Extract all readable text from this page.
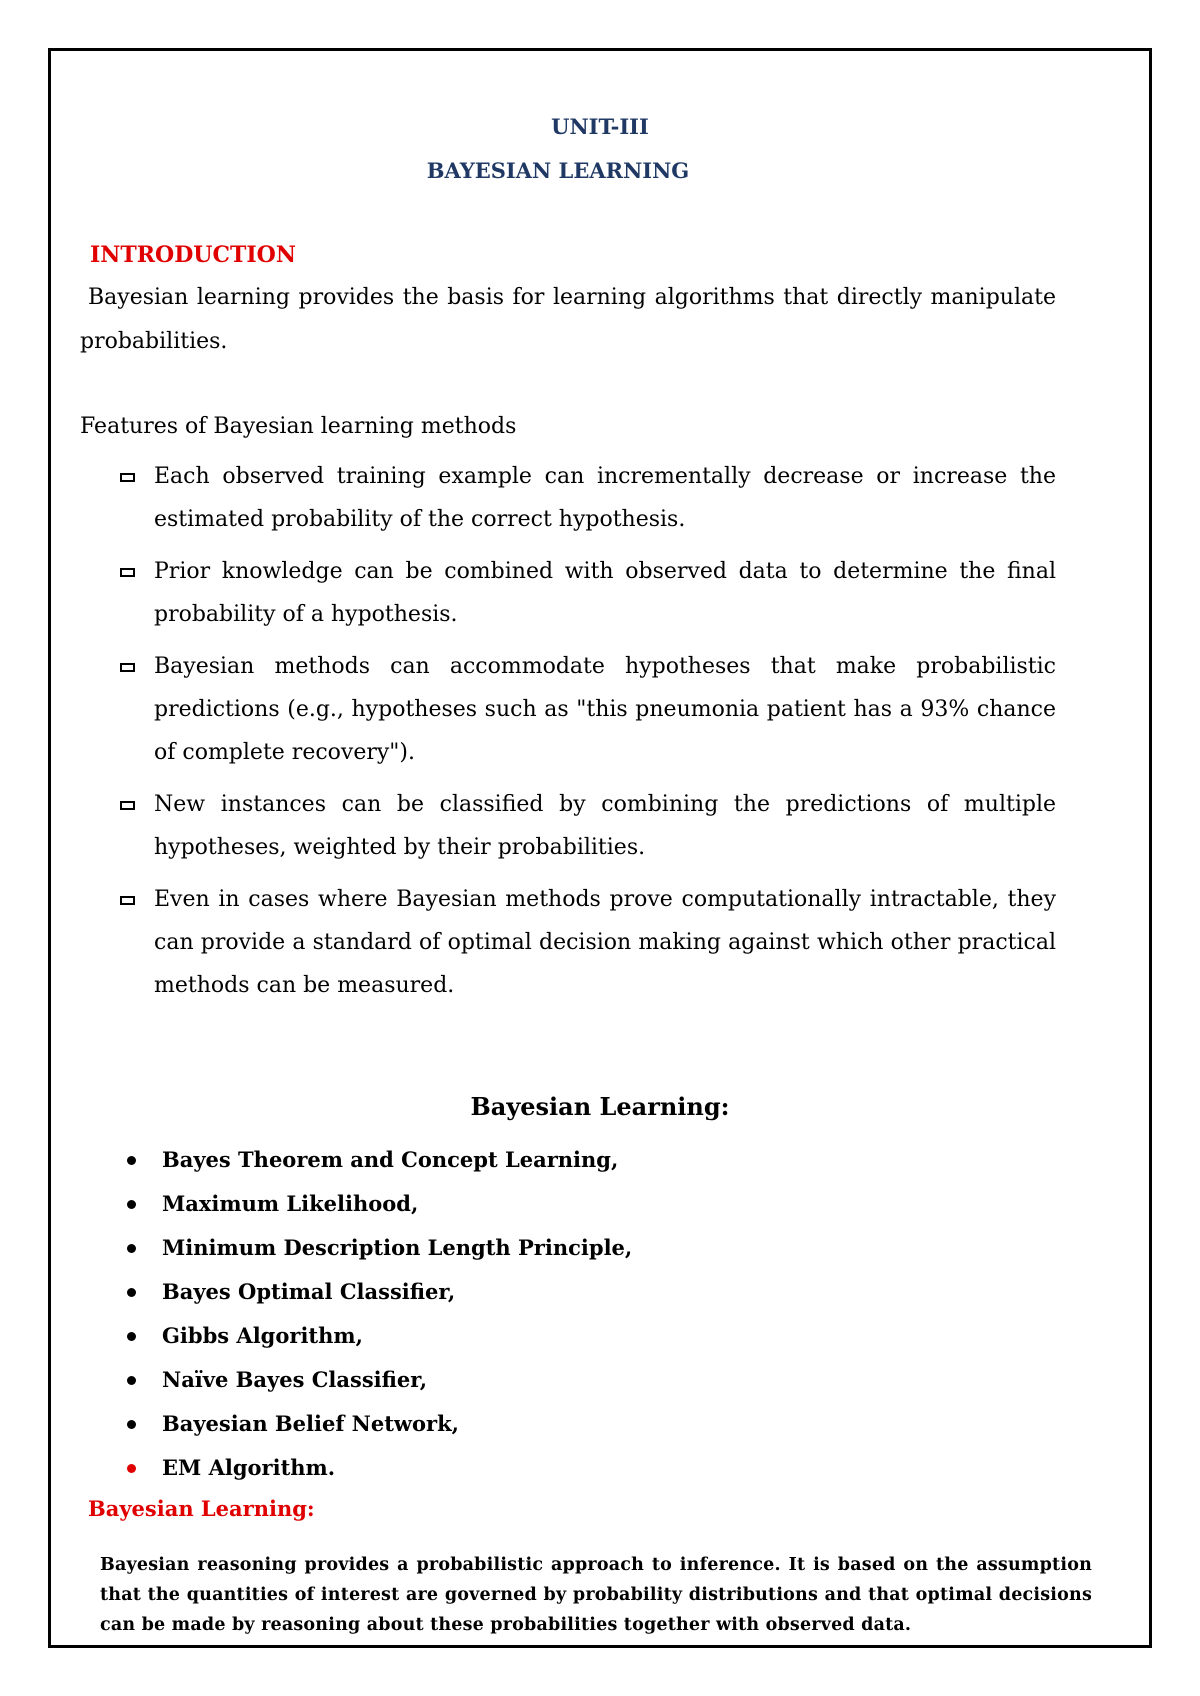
UNIT-III
BAYESIAN LEARNING
INTRODUCTION
Bayesian learning provides the basis for learning algorithms that directly manipulate probabilities.
Features of Bayesian learning methods
Each observed training example can incrementally decrease or increase the estimated probability of the correct hypothesis.
Prior knowledge can be combined with observed data to determine the final probability of a hypothesis.
Bayesian methods can accommodate hypotheses that make probabilistic predictions (e.g., hypotheses such as "this pneumonia patient has a 93% chance of complete recovery").
New instances can be classified by combining the predictions of multiple hypotheses, weighted by their probabilities.
Even in cases where Bayesian methods prove computationally intractable, they can provide a standard of optimal decision making against which other practical methods can be measured.
Bayesian Learning:
Bayes Theorem and Concept Learning,
Maximum Likelihood,
Minimum Description Length Principle,
Bayes Optimal Classifier,
Gibbs Algorithm,
Naïve Bayes Classifier,
Bayesian Belief Network,
EM Algorithm.
Bayesian Learning:
Bayesian reasoning provides a probabilistic approach to inference. It is based on the assumption that the quantities of interest are governed by probability distributions and that optimal decisions can be made by reasoning about these probabilities together with observed data.
